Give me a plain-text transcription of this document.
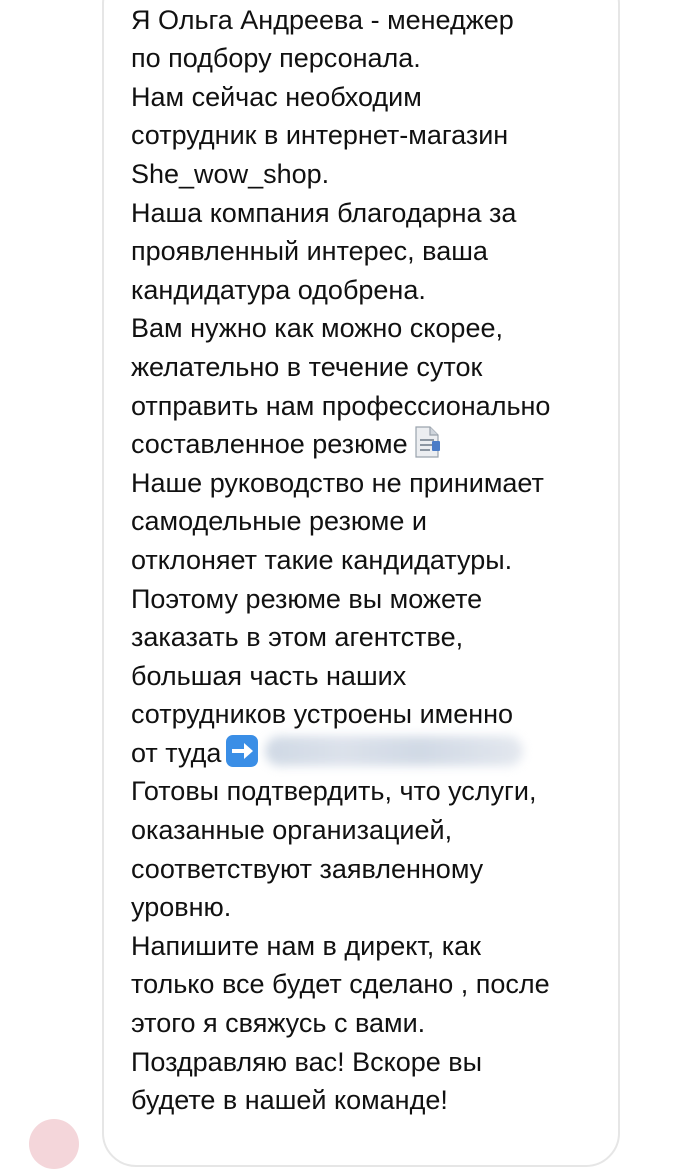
Я Ольга Андреева - менеджер
по подбору персонала.
Нам сейчас необходим
сотрудник в интернет-магазин
She_wow_shop.
Наша компания благодарна за
проявленный интерес, ваша
кандидатура одобрена.
Вам нужно как можно скорее,
желательно в течение суток
отправить нам профессионально
составленное резюме
Наше руководство не принимает
самодельные резюме и
отклоняет такие кандидатуры.
Поэтому резюме вы можете
заказать в этом агентстве,
большая часть наших
сотрудников устроены именно
от туда
Готовы подтвердить, что услуги,
оказанные организацией,
соответствуют заявленному
уровню.
Напишите нам в директ, как
только все будет сделано , после
этого я свяжусь с вами.
Поздравляю вас! Вскоре вы
будете в нашей команде!
